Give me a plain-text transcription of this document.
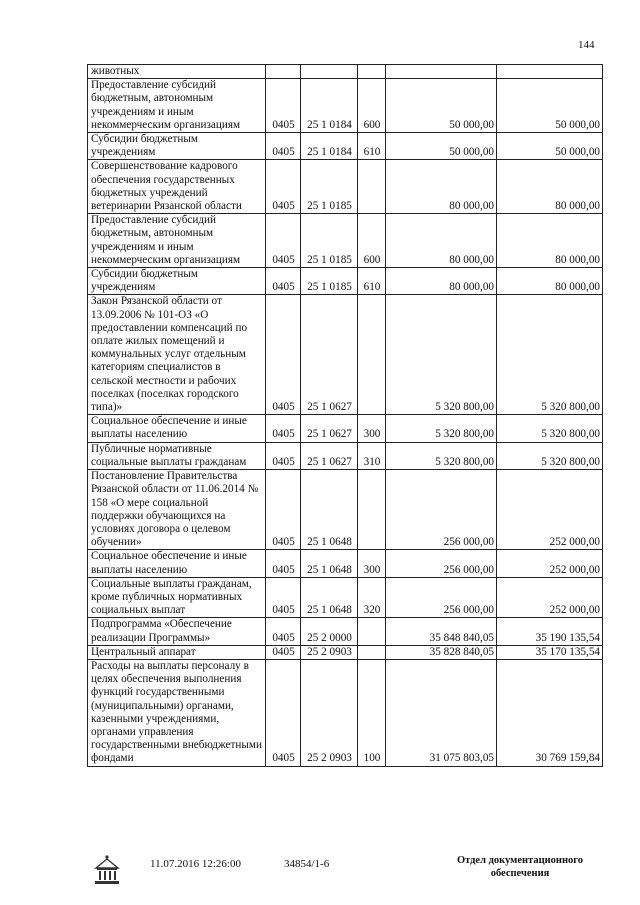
144
животных					
Предоставление субсидий бюджетным, автономным учреждениям и иным некоммерческим организациям	0405	25 1 0184	600	50 000,00	50 000,00
Субсидии бюджетным учреждениям	0405	25 1 0184	610	50 000,00	50 000,00
Совершенствование кадрового обеспечения государственных бюджетных учреждений ветеринарии Рязанской области	0405	25 1 0185		80 000,00	80 000,00
Предоставление субсидий бюджетным, автономным учреждениям и иным некоммерческим организациям	0405	25 1 0185	600	80 000,00	80 000,00
Субсидии бюджетным учреждениям	0405	25 1 0185	610	80 000,00	80 000,00
Закон Рязанской области от 13.09.2006 № 101-ОЗ «О предоставлении компенсаций по оплате жилых помещений и коммунальных услуг отдельным категориям специалистов в сельской местности и рабочих поселках (поселках городского типа)»	0405	25 1 0627		5 320 800,00	5 320 800,00
Социальное обеспечение и иные выплаты населению	0405	25 1 0627	300	5 320 800,00	5 320 800,00
Публичные нормативные социальные выплаты гражданам	0405	25 1 0627	310	5 320 800,00	5 320 800,00
Постановление Правительства Рязанской области от 11.06.2014 № 158 «О мере социальной поддержки обучающихся на условиях договора о целевом обучении»	0405	25 1 0648		256 000,00	252 000,00
Социальное обеспечение и иные выплаты населению	0405	25 1 0648	300	256 000,00	252 000,00
Социальные выплаты гражданам, кроме публичных нормативных социальных выплат	0405	25 1 0648	320	256 000,00	252 000,00
Подпрограмма «Обеспечение реализации Программы»	0405	25 2 0000		35 848 840,05	35 190 135,54
Центральный аппарат	0405	25 2 0903		35 828 840,05	35 170 135,54
Расходы на выплаты персоналу в целях обеспечения выполнения функций государственными (муниципальными) органами, казенными учреждениями, органами управления государственными внебюджетными фондами	0405	25 2 0903	100	31 075 803,05	30 769 159,84
11.07.2016 12:26:00	34854/1-6	Отдел документационного обеспечения
